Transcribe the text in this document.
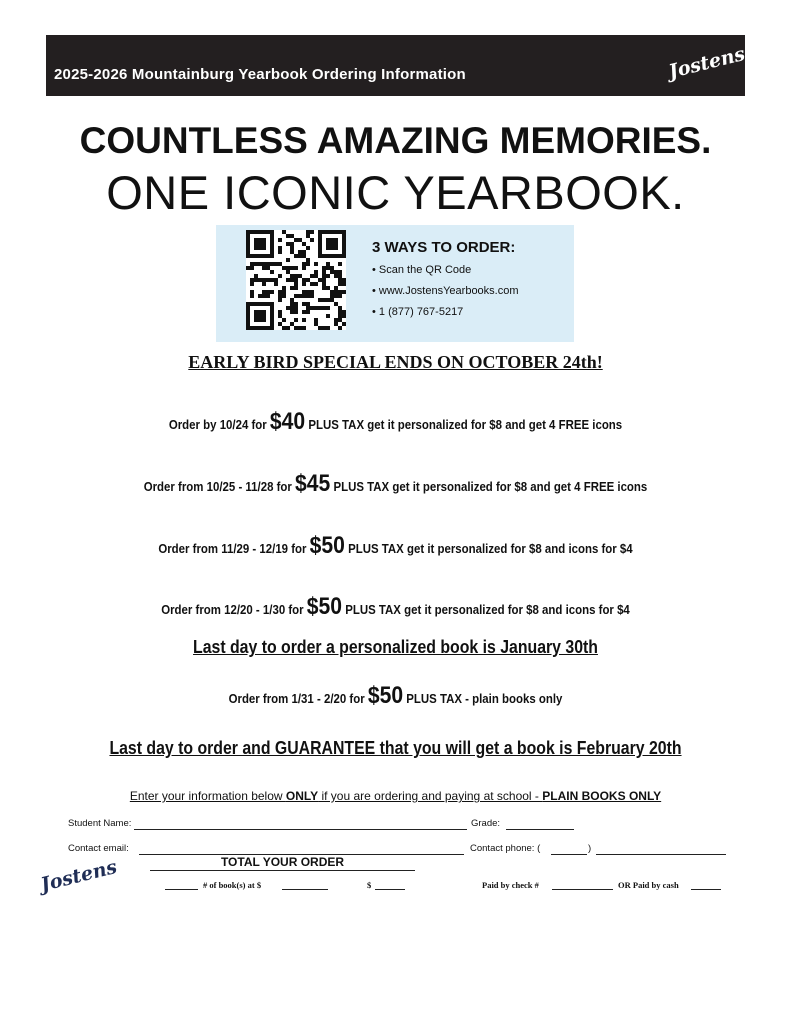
2025-2026 Mountainburg Yearbook Ordering Information	Jostens
COUNTLESS AMAZING MEMORIES.
ONE ICONIC YEARBOOK.
3 WAYS TO ORDER:
• Scan the QR Code
• www.JostensYearbooks.com
• 1 (877) 767-5217
EARLY BIRD SPECIAL ENDS ON OCTOBER 24th!
Order by 10/24 for $40 PLUS TAX get it personalized for $8 and get 4 FREE icons
Order from 10/25 - 11/28 for $45 PLUS TAX get it personalized for $8 and get 4 FREE icons
Order from 11/29 - 12/19 for $50 PLUS TAX get it personalized for $8 and icons for $4
Order from 12/20 - 1/30 for $50 PLUS TAX get it personalized for $8 and icons for $4
Last day to order a personalized book is January 30th
Order from 1/31 - 2/20 for $50 PLUS TAX - plain books only
Last day to order and GUARANTEE that you will get a book is February 20th
Enter your information below ONLY if you are ordering and paying at school - PLAIN BOOKS ONLY
Student Name:	Grade:
Contact email:	Contact phone: (	)
TOTAL YOUR ORDER
Jostens	# of book(s) at $	$	Paid by check #	OR Paid by cash
